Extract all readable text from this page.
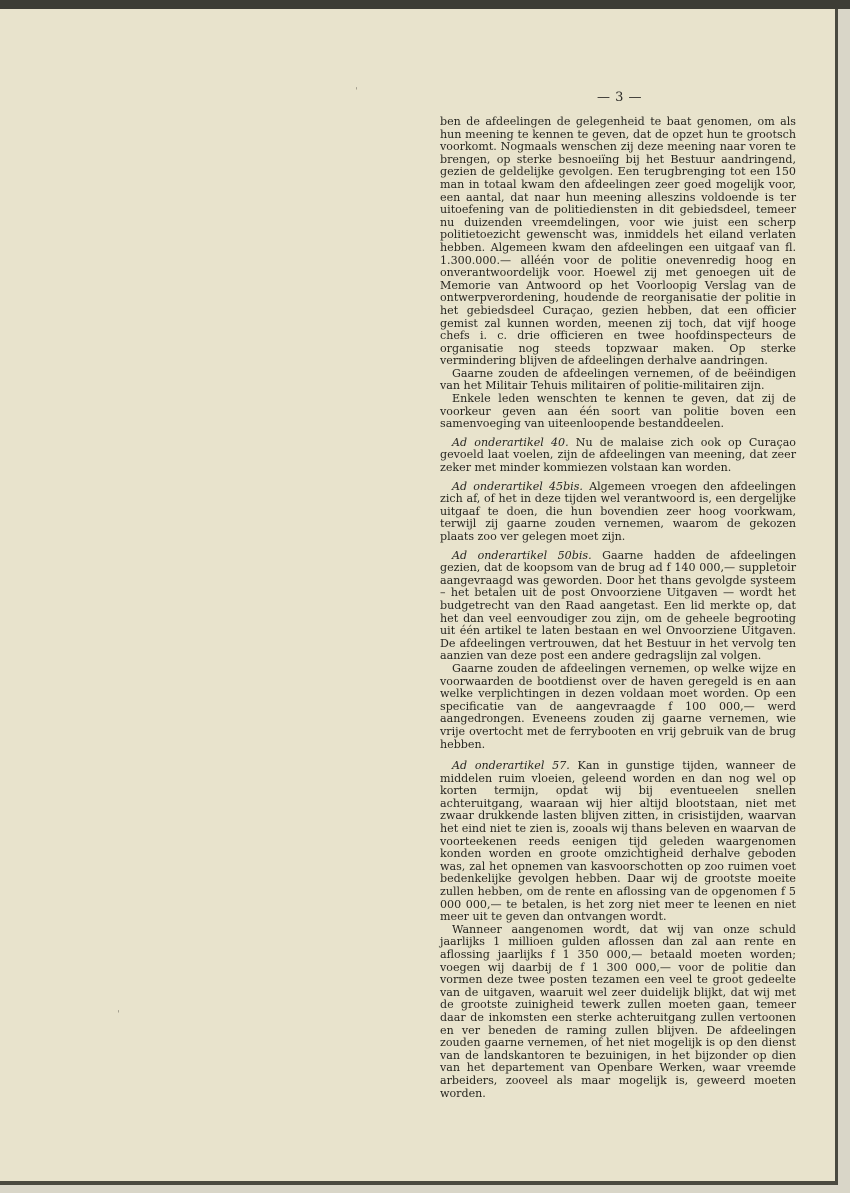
— 3 —
ˌ
ˈ

ben de afdeelingen de gelegenheid te baat genomen, om als hun meening te kennen te geven, dat de opzet hun te grootsch voorkomt. Nogmaals wenschen zij deze meening naar voren te brengen, op sterke besnoeiïng bij het Bestuur aandringend, gezien de geldelijke gevolgen. Een terugbrenging tot een 150 man in totaal kwam den afdeelingen zeer goed mogelijk voor, een aantal, dat naar hun meening alleszins voldoende is ter uitoefening van de politiediensten in dit gebiedsdeel, temeer nu duizenden vreemdelingen, voor wie juist een scherp politietoezicht gewenscht was, inmiddels het eiland verlaten hebben. Algemeen kwam den afdeelingen een uitgaaf van fl. 1.300.000.— alléén voor de politie onevenredig hoog en onverantwoordelijk voor. Hoewel zij met genoegen uit de Memorie van Antwoord op het Voorloopig Verslag van de ontwerpverordening, houdende de reorganisatie der politie in het gebiedsdeel Curaçao, gezien hebben, dat een officier gemist zal kunnen worden, meenen zij toch, dat vijf hooge chefs i. c. drie officieren en twee hoofdinspecteurs de organisatie nog steeds topzwaar maken. Op sterke vermindering blijven de afdeelingen derhalve aandringen.

Gaarne zouden de afdeelingen vernemen, of de beëindigen van het Militair Tehuis militairen of politie-militairen zijn.

Enkele leden wenschten te kennen te geven, dat zij de voorkeur geven aan één soort van politie boven een samenvoeging van uiteenloopende bestanddeelen.

Ad onderartikel 40. Nu de malaise zich ook op Curaçao gevoeld laat voelen, zijn de afdeelingen van meening, dat zeer zeker met minder kommiezen volstaan kan worden.

Ad onderartikel 45bis. Algemeen vroegen den afdeelingen zich af, of het in deze tijden wel verantwoord is, een dergelijke uitgaaf te doen, die hun bovendien zeer hoog voorkwam, terwijl zij gaarne zouden vernemen, waarom de gekozen plaats zoo ver gelegen moet zijn.

Ad onderartikel 50bis. Gaarne hadden de afdeelingen gezien, dat de koopsom van de brug ad f 140 000,— suppletoir aangevraagd was geworden. Door het thans gevolgde systeem – het betalen uit de post Onvoorziene Uitgaven — wordt het budgetrecht van den Raad aangetast. Een lid merkte op, dat het dan veel eenvoudiger zou zijn, om de geheele begrooting uit één artikel te laten bestaan en wel Onvoorziene Uitgaven. De afdeelingen vertrouwen, dat het Bestuur in het vervolg ten aanzien van deze post een andere gedragslijn zal volgen.

Gaarne zouden de afdeelingen vernemen, op welke wijze en voorwaarden de bootdienst over de haven geregeld is en aan welke verplichtingen in dezen voldaan moet worden. Op een specificatie van de aangevraagde f 100 000,— werd aangedrongen. Eveneens zouden zij gaarne vernemen, wie vrije overtocht met de ferrybooten en vrij gebruik van de brug hebben.

Ad onderartikel 57. Kan in gunstige tijden, wanneer de middelen ruim vloeien, geleend worden en dan nog wel op korten termijn, opdat wij bij eventueelen snellen achteruitgang, waaraan wij hier altijd blootstaan, niet met zwaar drukkende lasten blijven zitten, in crisistijden, waarvan het eind niet te zien is, zooals wij thans beleven en waarvan de voorteekenen reeds eenigen tijd geleden waargenomen konden worden en groote omzichtigheid derhalve geboden was, zal het opnemen van kasvoorschotten op zoo ruimen voet bedenkelijke gevolgen hebben. Daar wij de grootste moeite zullen hebben, om de rente en aflossing van de opgenomen f 5 000 000,— te betalen, is het zorg niet meer te leenen en niet meer uit te geven dan ontvangen wordt.

Wanneer aangenomen wordt, dat wij van onze schuld jaarlijks 1 millioen gulden aflossen dan zal aan rente en aflossing jaarlijks f 1 350 000,— betaald moeten worden; voegen wij daarbij de f 1 300 000,— voor de politie dan vormen deze twee posten tezamen een veel te groot gedeelte van de uitgaven, waaruit wel zeer duidelijk blijkt, dat wij met de grootste zuinigheid tewerk zullen moeten gaan, temeer daar de inkomsten een sterke achteruitgang zullen vertoonen en ver beneden de raming zullen blijven. De afdeelingen zouden gaarne vernemen, of het niet mogelijk is op den dienst van de landskantoren te bezuinigen, in het bijzonder op dien van het departement van Openbare Werken, waar vreemde arbeiders, zooveel als maar mogelijk is, geweerd moeten worden.
